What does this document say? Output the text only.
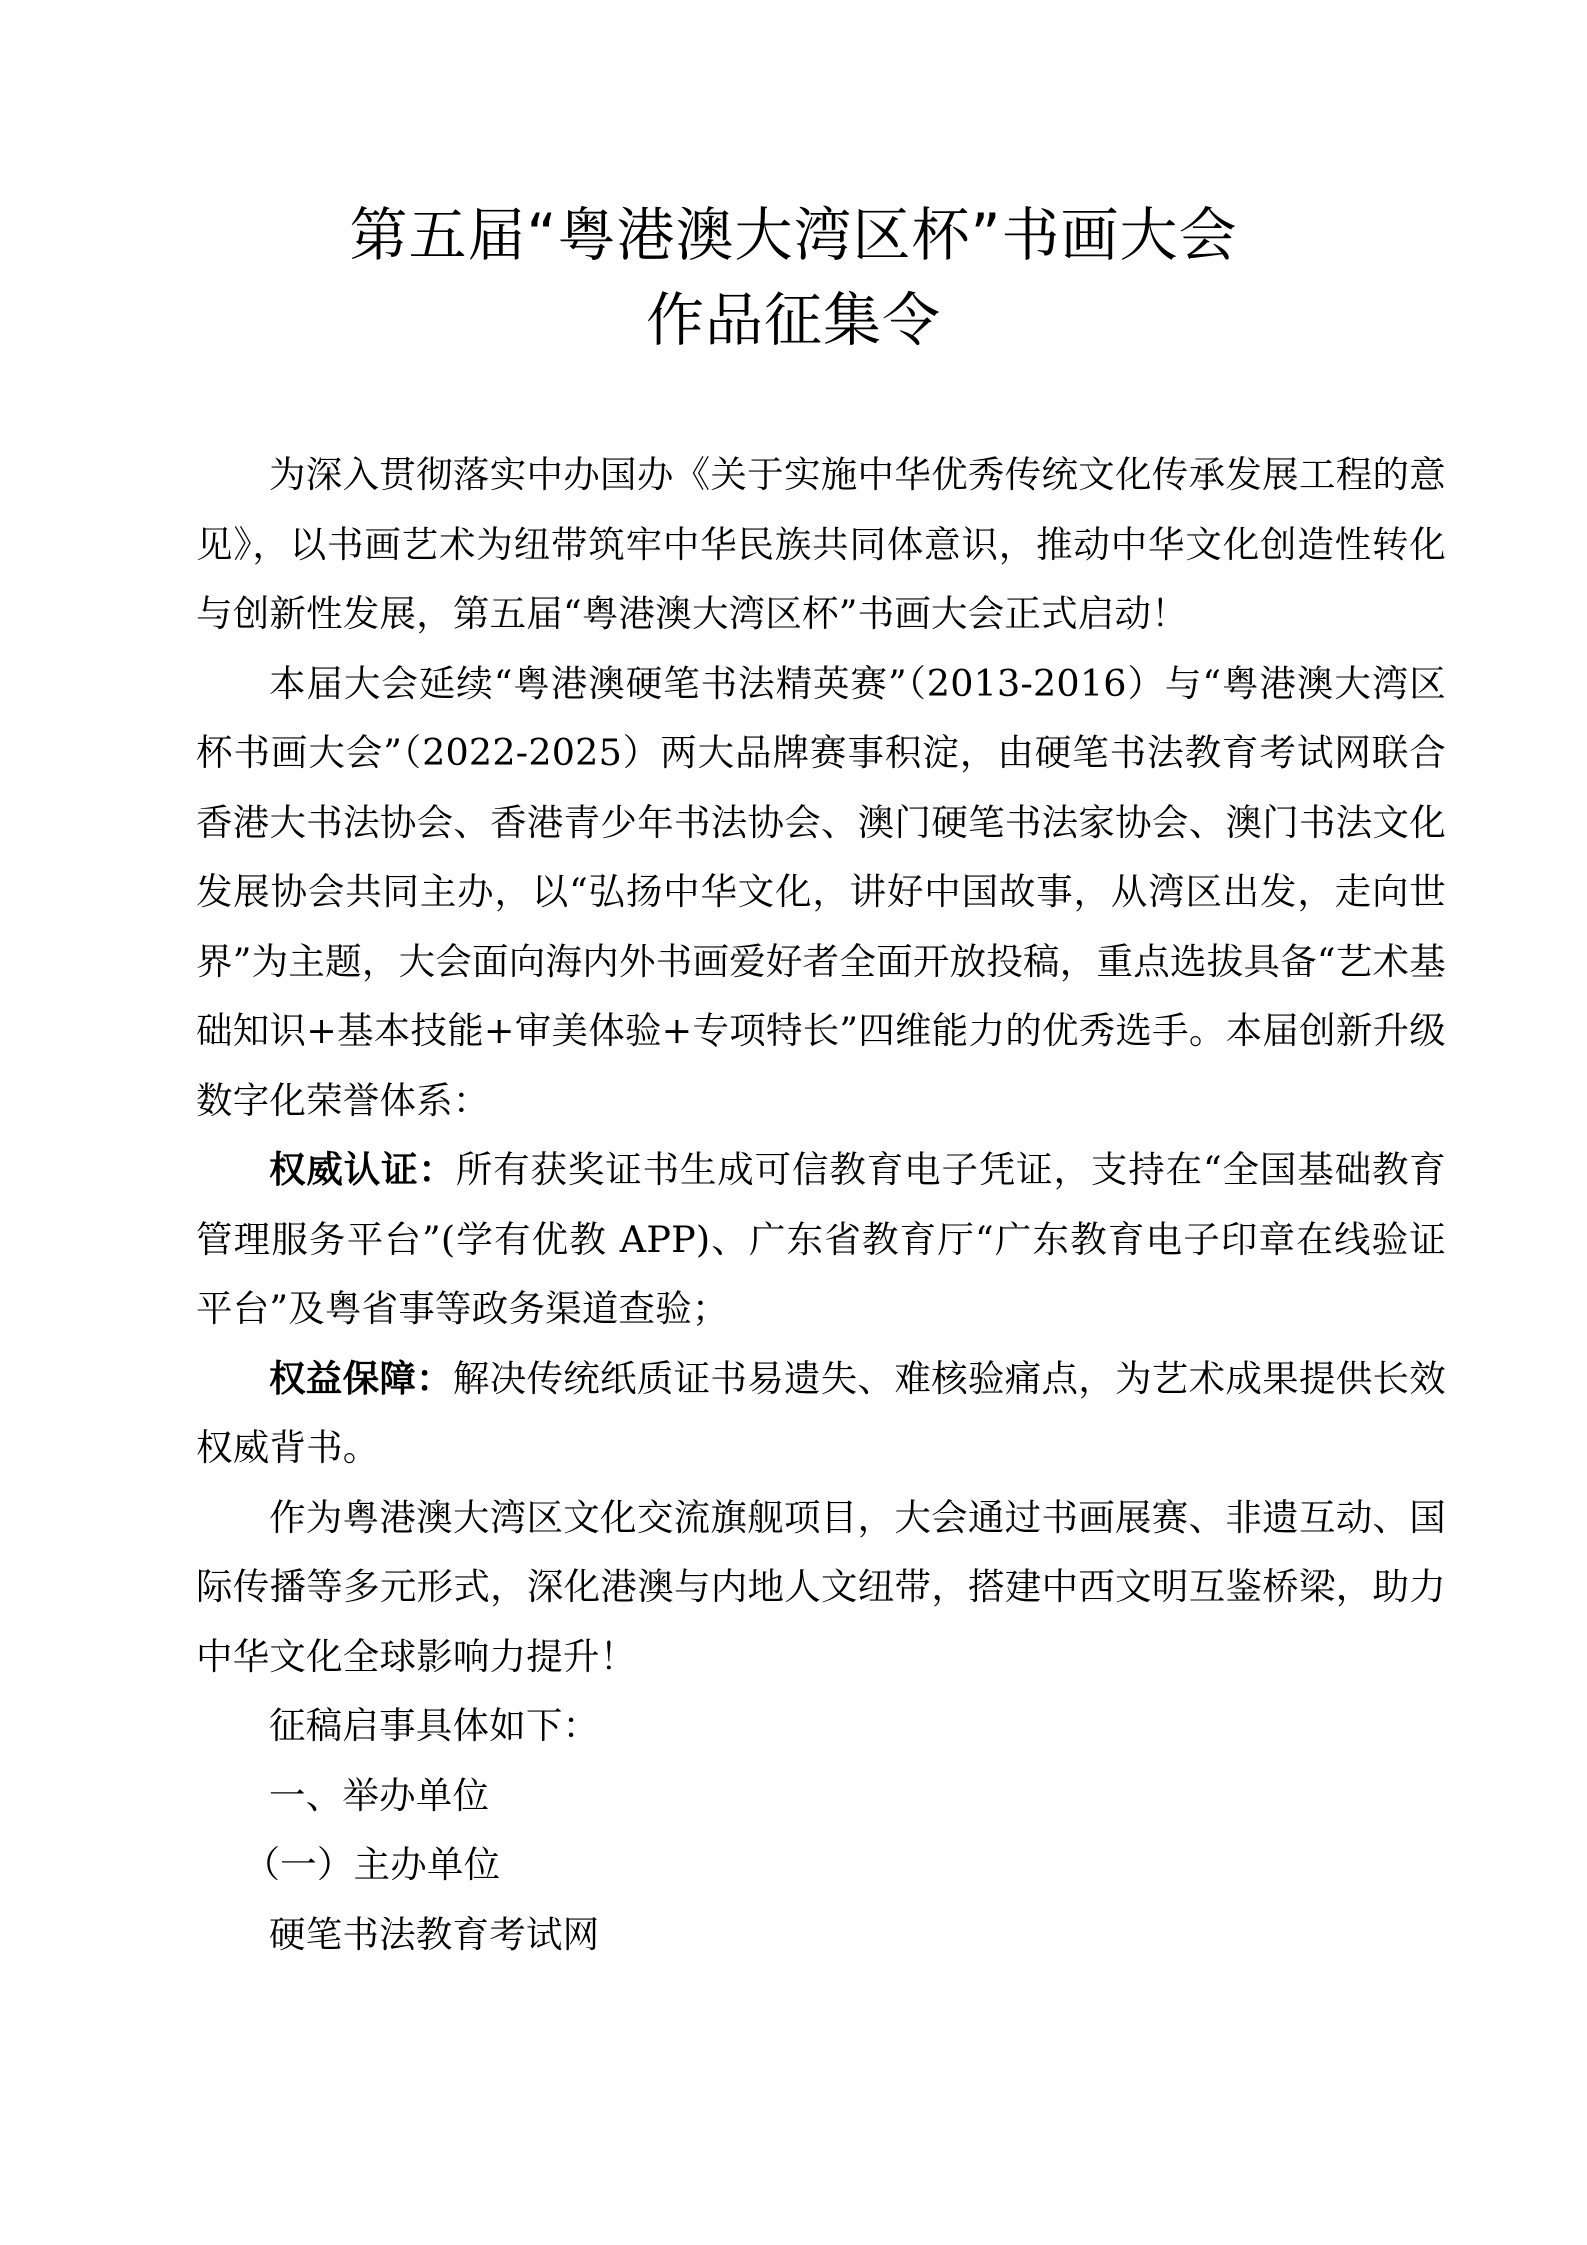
第五届“粤港澳大湾区杯”书画大会
作品征集令

为深入贯彻落实中办国办《关于实施中华优秀传统文化传承发展工程的意见》，以书画艺术为纽带筑牢中华民族共同体意识，推动中华文化创造性转化与创新性发展，第五届“粤港澳大湾区杯”书画大会正式启动！

本届大会延续“粤港澳硬笔书法精英赛”（2013-2016）与“粤港澳大湾区杯书画大会”（2022-2025）两大品牌赛事积淀，由硬笔书法教育考试网联合香港大书法协会、香港青少年书法协会、澳门硬笔书法家协会、澳门书法文化发展协会共同主办，以“弘扬中华文化，讲好中国故事，从湾区出发，走向世界”为主题，大会面向海内外书画爱好者全面开放投稿，重点选拔具备“艺术基础知识+基本技能+审美体验+专项特长”四维能力的优秀选手。本届创新升级数字化荣誉体系：

权威认证：所有获奖证书生成可信教育电子凭证，支持在“全国基础教育管理服务平台”(学有优教 APP)、广东省教育厅“广东教育电子印章在线验证平台”及粤省事等政务渠道查验；

权益保障：解决传统纸质证书易遗失、难核验痛点，为艺术成果提供长效权威背书。

作为粤港澳大湾区文化交流旗舰项目，大会通过书画展赛、非遗互动、国际传播等多元形式，深化港澳与内地人文纽带，搭建中西文明互鉴桥梁，助力中华文化全球影响力提升！

征稿启事具体如下：

一、举办单位

（一）主办单位

硬笔书法教育考试网
